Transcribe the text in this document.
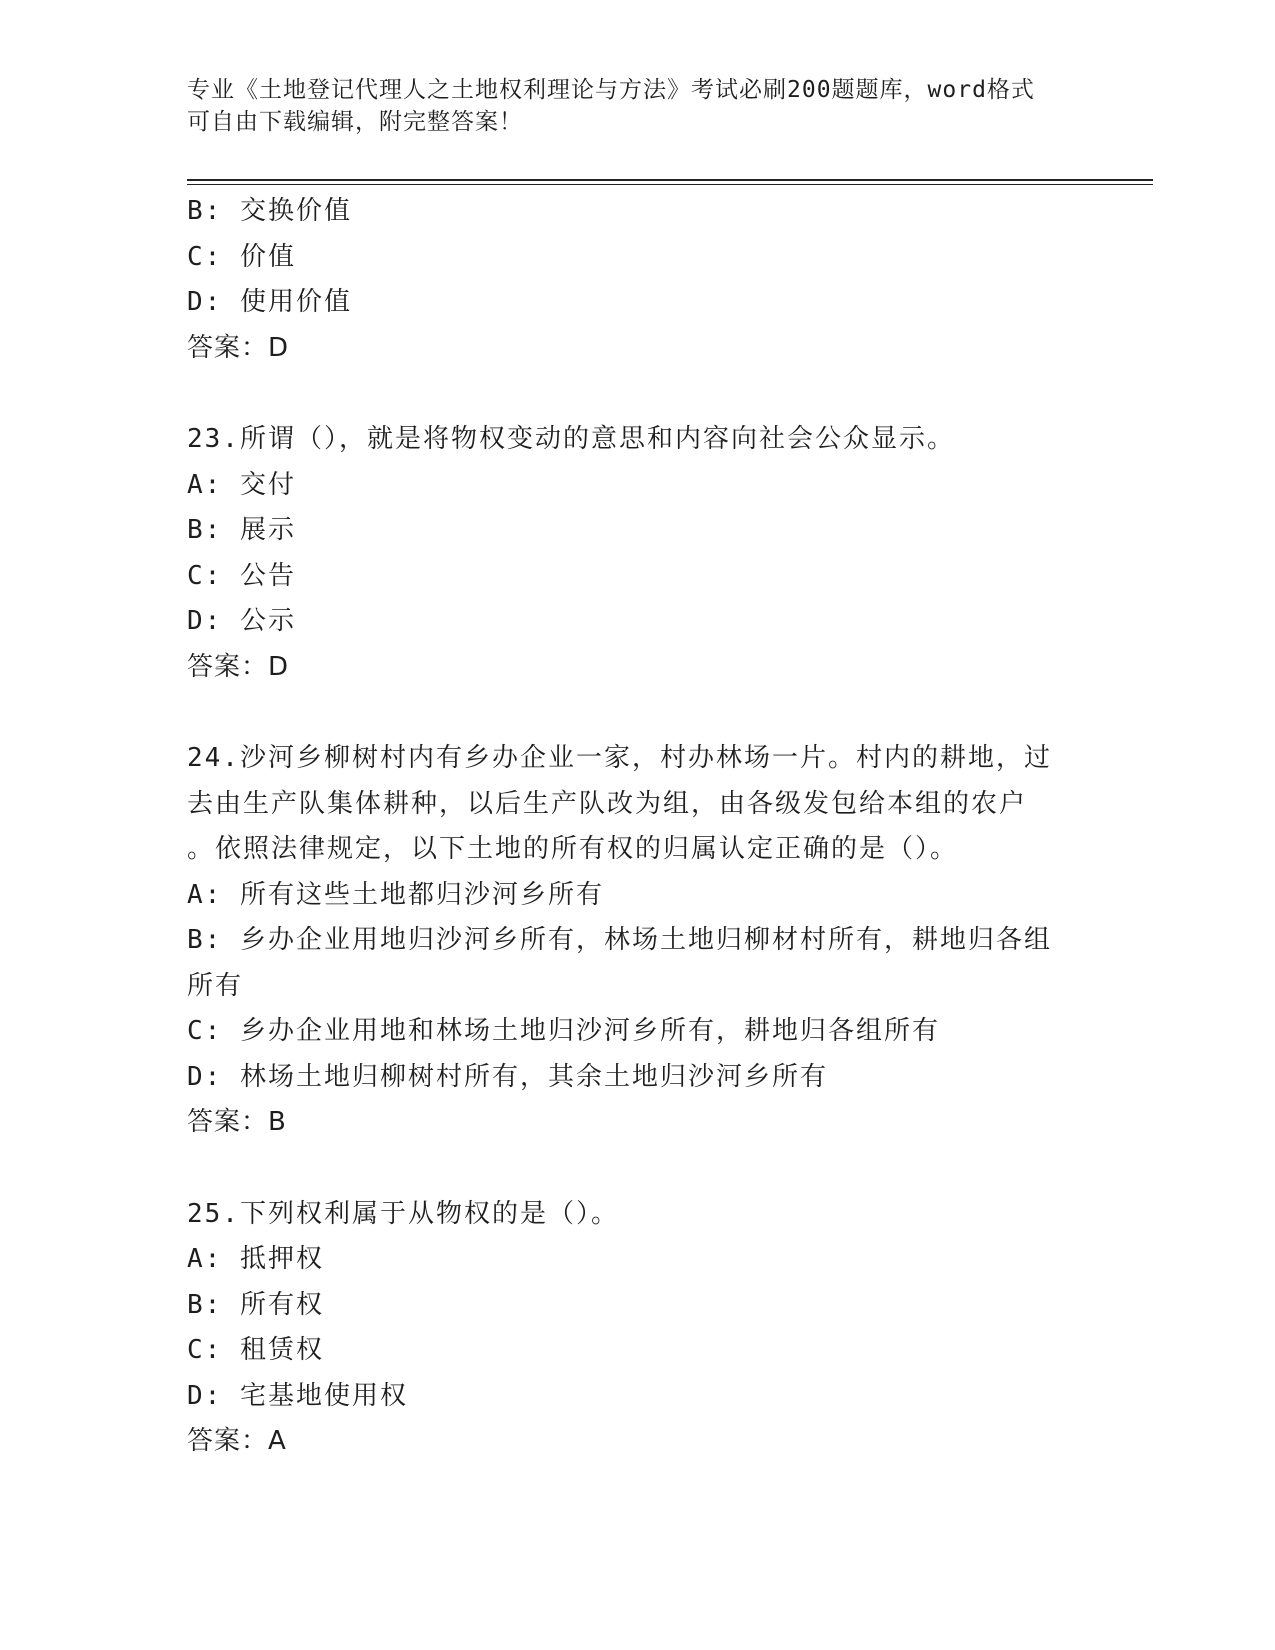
专业《土地登记代理人之土地权利理论与方法》考试必刷200题题库，word格式
可自由下载编辑，附完整答案！
B: 交换价值
C: 价值
D: 使用价值
答案：D
23.所谓（），就是将物权变动的意思和内容向社会公众显示。
A: 交付
B: 展示
C: 公告
D: 公示
答案：D
24.沙河乡柳树村内有乡办企业一家，村办林场一片。村内的耕地，过
去由生产队集体耕种，以后生产队改为组，由各级发包给本组的农户
。依照法律规定，以下土地的所有权的归属认定正确的是（）。
A: 所有这些土地都归沙河乡所有
B: 乡办企业用地归沙河乡所有，林场土地归柳材村所有，耕地归各组
所有
C: 乡办企业用地和林场土地归沙河乡所有，耕地归各组所有
D: 林场土地归柳树村所有，其余土地归沙河乡所有
答案：B
25.下列权利属于从物权的是（）。
A: 抵押权
B: 所有权
C: 租赁权
D: 宅基地使用权
答案：A
